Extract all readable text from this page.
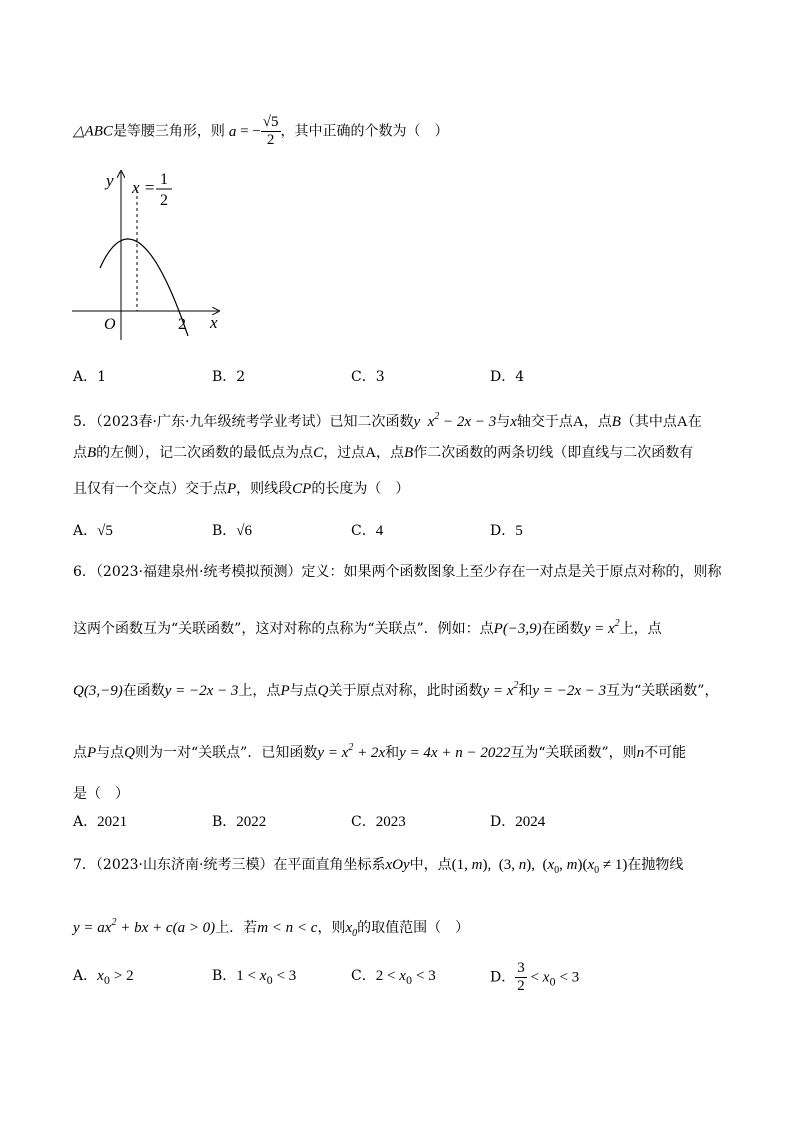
△ABC是等腰三角形，则 a = − $\frac{√5}{2}$ ，其中正确的个数为（　）
y
x
O	2
x = 1
2
A．1	B．2	C．3	D．4
5．（2023春·广东·九年级统考学业考试）已知二次函数y  $x^2 - 2x - 3$与x轴交于点A，点B（其中点A在
点B的左侧），记二次函数的最低点为点C，过点A，点B作二次函数的两条切线（即直线与二次函数有
且仅有一个交点）交于点P，则线段CP的长度为（　）
A．√5	B．√6	C．4	D．5
6．（2023·福建泉州·统考模拟预测）定义：如果两个函数图象上至少存在一对点是关于原点对称的，则称
这两个函数互为“关联函数”，这对对称的点称为“关联点”．例如：点P(−3,9)在函数$y = x^2$上，点
Q(3,−9)在函数y = −2x − 3上，点P与点Q关于原点对称，此时函数$y = x^2$和y = −2x − 3互为“关联函数”，
点P与点Q则为一对“关联点”．已知函数$y = x^2 + 2x$和y = 4x + n − 2022互为“关联函数”，则n不可能
是（　）
A．2021	B．2022	C．2023	D．2024
7．（2023·山东济南·统考三模）在平面直角坐标系xOy中，点(1, m),  (3, n),  ($x_0$, $m)(x_0 \ne 1)$在抛物线
$y = ax^2$ + bx + c(a > 0)上．若m < n < c，则$x_0$的取值范围（　）
A．$x_0 > 2$	B．$1 < x_0 < 3$	C．$2 < x_0 < 3$	D． $\frac{3}{2} < x_0 < 3$
